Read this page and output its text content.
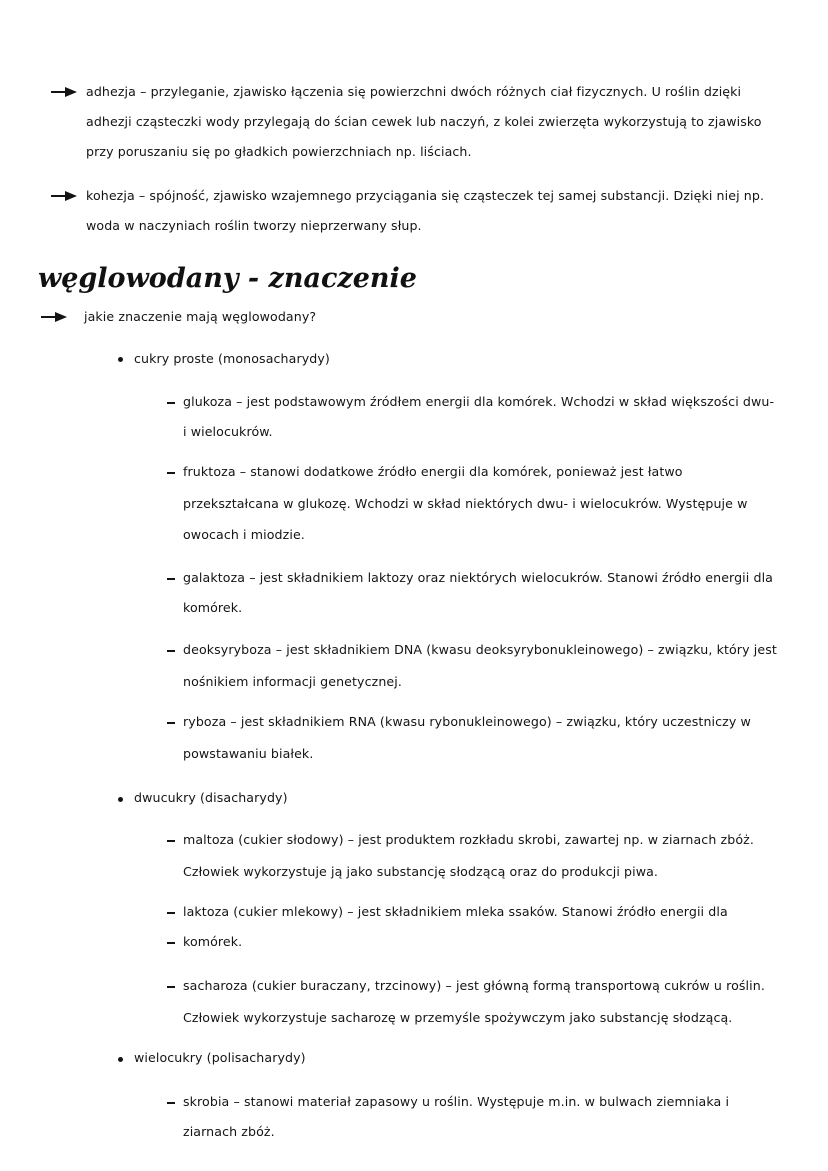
adhezja – przyleganie, zjawisko łączenia się powierzchni dwóch różnych ciał fizycznych. U roślin dzięki
adhezji cząsteczki wody przylegają do ścian cewek lub naczyń, z kolei zwierzęta wykorzystują to zjawisko
przy poruszaniu się po gładkich powierzchniach np. liściach.
kohezja – spójność, zjawisko wzajemnego przyciągania się cząsteczek tej samej substancji. Dzięki niej np.
woda w naczyniach roślin tworzy nieprzerwany słup.
węglowodany - znaczenie
jakie znaczenie mają węglowodany?
cukry proste (monosacharydy)
glukoza – jest podstawowym źródłem energii dla komórek. Wchodzi w skład większości dwu-
i wielocukrów.
fruktoza – stanowi dodatkowe źródło energii dla komórek, ponieważ jest łatwo
przekształcana w glukozę. Wchodzi w skład niektórych dwu- i wielocukrów. Występuje w
owocach i miodzie.
galaktoza – jest składnikiem laktozy oraz niektórych wielocukrów. Stanowi źródło energii dla
komórek.
deoksyryboza – jest składnikiem DNA (kwasu deoksyrybonukleinowego) – związku, który jest
nośnikiem informacji genetycznej.
ryboza – jest składnikiem RNA (kwasu rybonukleinowego) – związku, który uczestniczy w
powstawaniu białek.
dwucukry (disacharydy)
maltoza (cukier słodowy) – jest produktem rozkładu skrobi, zawartej np. w ziarnach zbóż.
Człowiek wykorzystuje ją jako substancję słodzącą oraz do produkcji piwa.
laktoza (cukier mlekowy) – jest składnikiem mleka ssaków. Stanowi źródło energii dla
komórek.
sacharoza (cukier buraczany, trzcinowy) – jest główną formą transportową cukrów u roślin.
Człowiek wykorzystuje sacharozę w przemyśle spożywczym jako substancję słodzącą.
wielocukry (polisacharydy)
skrobia – stanowi materiał zapasowy u roślin. Występuje m.in. w bulwach ziemniaka i
ziarnach zbóż.
